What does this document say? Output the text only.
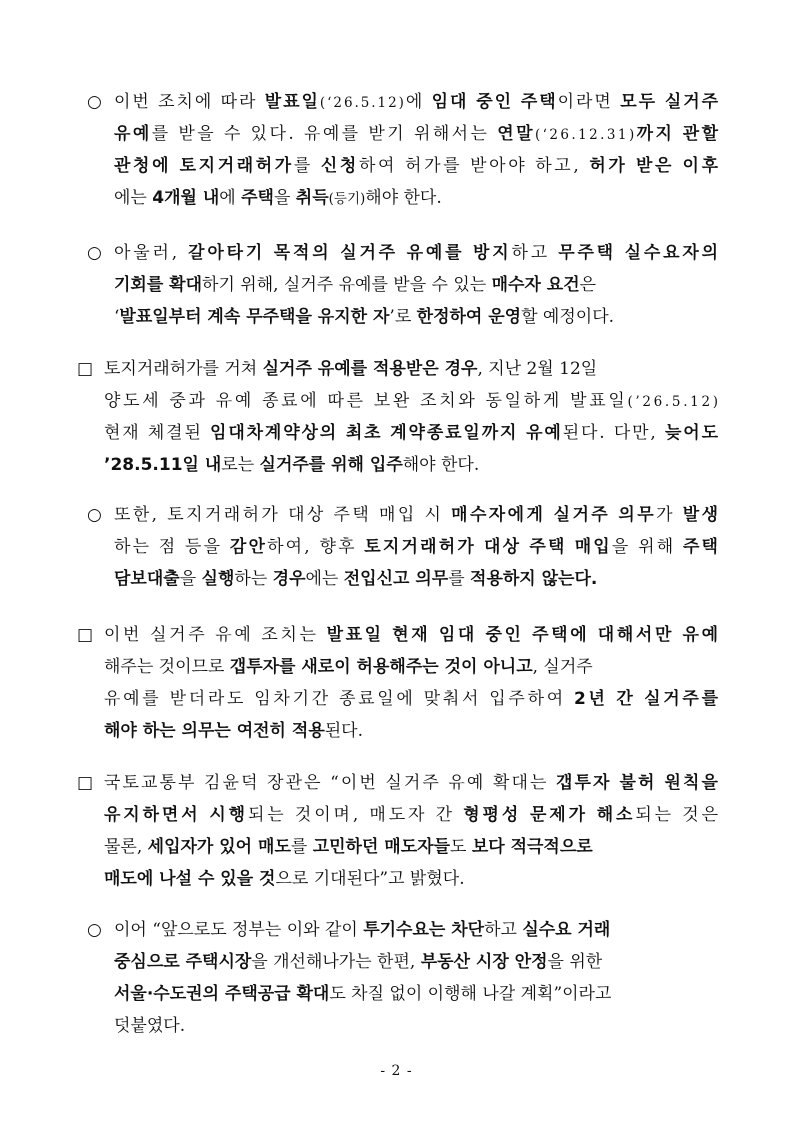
○ 이번 조치에 따라 발표일(‘26.5.12)에 임대 중인 주택이라면 모두 실거주
유예를 받을 수 있다. 유예를 받기 위해서는 연말(‘26.12.31)까지 관할
관청에 토지거래허가를 신청하여 허가를 받아야 하고, 허가 받은 이후
에는 4개월 내에 주택을 취득(등기)해야 한다.
○ 아울러, 갈아타기 목적의 실거주 유예를 방지하고 무주택 실수요자의
기회를 확대하기 위해, 실거주 유예를 받을 수 있는 매수자 요건은
‘발표일부터 계속 무주택을 유지한 자’로 한정하여 운영할 예정이다.
□ 토지거래허가를 거쳐 실거주 유예를 적용받은 경우, 지난 2월 12일
양도세 중과 유예 종료에 따른 보완 조치와 동일하게 발표일(’26.5.12)
현재 체결된 임대차계약상의 최초 계약종료일까지 유예된다. 다만, 늦어도
’28.5.11일 내로는 실거주를 위해 입주해야 한다.
○ 또한, 토지거래허가 대상 주택 매입 시 매수자에게 실거주 의무가 발생
하는 점 등을 감안하여, 향후 토지거래허가 대상 주택 매입을 위해 주택
담보대출을 실행하는 경우에는 전입신고 의무를 적용하지 않는다.
□ 이번 실거주 유예 조치는 발표일 현재 임대 중인 주택에 대해서만 유예
해주는 것이므로 갭투자를 새로이 허용해주는 것이 아니고, 실거주
유예를 받더라도 임차기간 종료일에 맞춰서 입주하여 2년 간 실거주를
해야 하는 의무는 여전히 적용된다.
□ 국토교통부 김윤덕 장관은 “이번 실거주 유예 확대는 갭투자 불허 원칙을
유지하면서 시행되는 것이며, 매도자 간 형평성 문제가 해소되는 것은
물론, 세입자가 있어 매도를 고민하던 매도자들도 보다 적극적으로
매도에 나설 수 있을 것으로 기대된다”고 밝혔다.
○ 이어 “앞으로도 정부는 이와 같이 투기수요는 차단하고 실수요 거래
중심으로 주택시장을 개선해나가는 한편, 부동산 시장 안정을 위한
서울·수도권의 주택공급 확대도 차질 없이 이행해 나갈 계획”이라고
덧붙였다.
- 2 -
